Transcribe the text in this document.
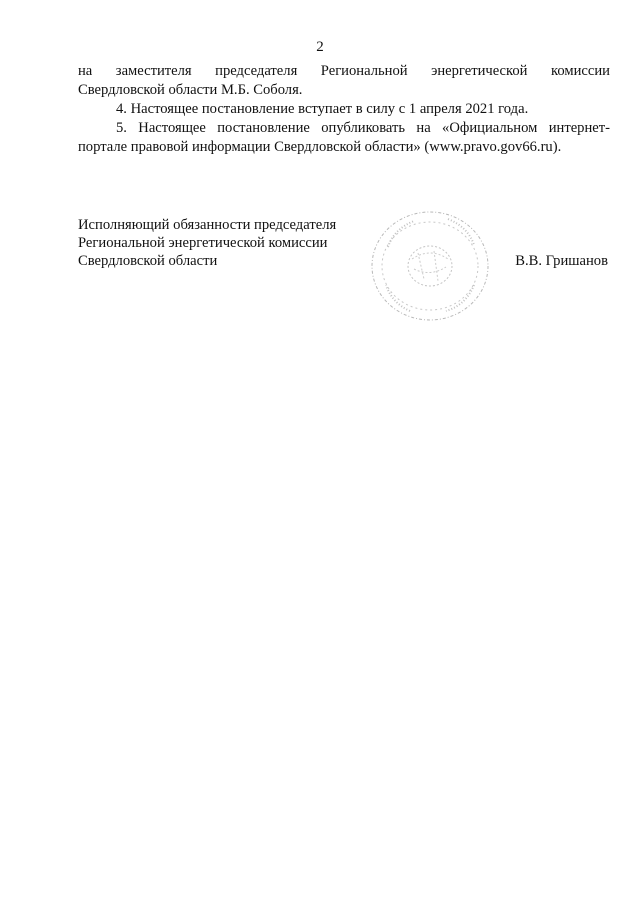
2
на заместителя председателя Региональной энергетической комиссии
Свердловской области М.Б. Соболя.
4. Настоящее постановление вступает в силу с 1 апреля 2021 года.
5. Настоящее постановление опубликовать на «Официальном интернет-
портале правовой информации Свердловской области» (www.pravo.gov66.ru).
Исполняющий обязанности председателя
Региональной энергетической комиссии
Свердловской области	В.В. Гришанов
